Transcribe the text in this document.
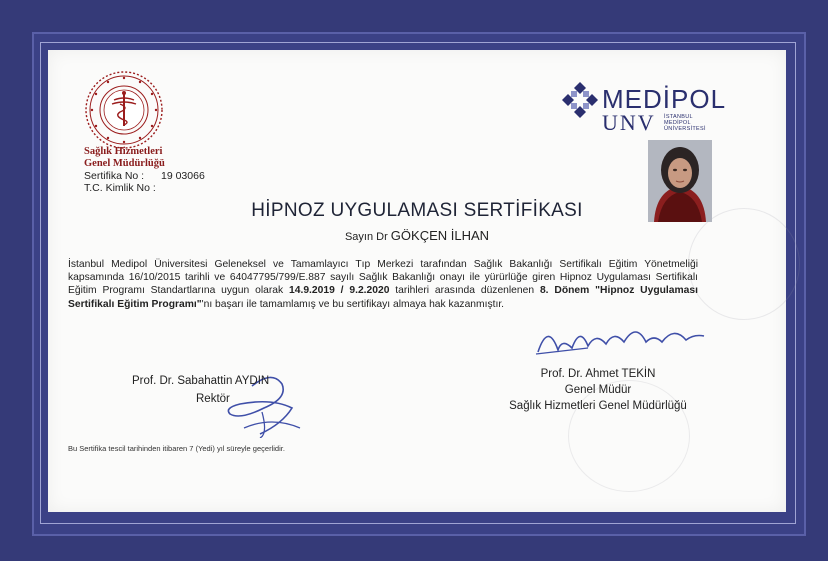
Sağlık Hizmetleri
Genel Müdürlüğü
Sertifika No : 19 03066
T.C. Kimlik No :
MEDİPOL
UNV İSTANBUL
MEDİPOL
ÜNİVERSİTESİ
HİPNOZ UYGULAMASI SERTİFİKASI
Sayın Dr GÖKÇEN İLHAN
İstanbul Medipol Üniversitesi Geleneksel ve Tamamlayıcı Tıp Merkezi tarafından Sağlık Bakanlığı Sertifikalı Eğitim Yönetmeliği kapsamında 16/10/2015 tarihli ve 64047795/799/E.887 sayılı Sağlık Bakanlığı onayı ile yürürlüğe giren Hipnoz Uygulaması Sertifikalı Eğitim Programı Standartlarına uygun olarak 14.9.2019 / 9.2.2020 tarihleri arasında düzenlenen 8. Dönem "Hipnoz Uygulaması Sertifikalı Eğitim Programı"'nı başarı ile tamamlamış ve bu sertifikayı almaya hak kazanmıştır.
Prof. Dr. Sabahattin AYDIN
Rektör
Prof. Dr. Ahmet TEKİN
Genel Müdür
Sağlık Hizmetleri Genel Müdürlüğü
Bu Sertifika tescil tarihinden itibaren 7 (Yedi) yıl süreyle geçerlidir.
